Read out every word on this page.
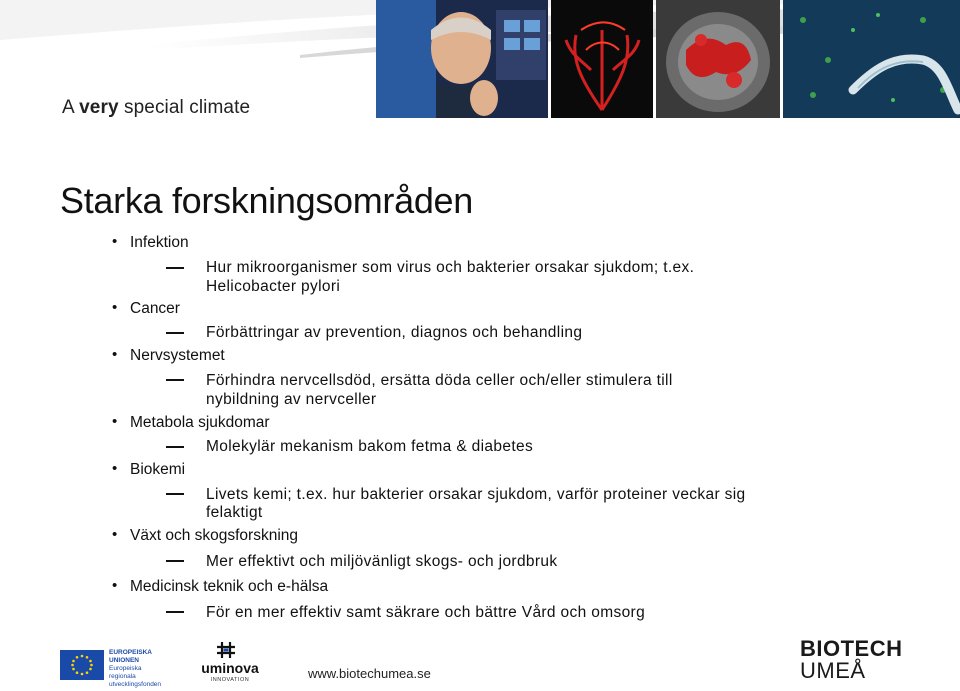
A very special climate
Starka forskningsområden
• Infektion
Hur mikroorganismer som virus och bakterier orsakar sjukdom; t.ex.
Helicobacter pylori
• Cancer
Förbättringar av prevention, diagnos och behandling
• Nervsystemet
Förhindra nervcellsdöd, ersätta döda celler och/eller stimulera till
nybildning av nervceller
• Metabola sjukdomar
Molekylär mekanism bakom fetma & diabetes
• Biokemi
Livets kemi; t.ex. hur bakterier orsakar sjukdom, varför proteiner veckar sig
felaktigt
• Växt och skogsforskning
Mer effektivt och miljövänligt skogs- och jordbruk
• Medicinsk teknik och e-hälsa
För en mer effektiv samt säkrare och bättre Vård och omsorg
EUROPEISKA
UNIONEN
Europeiska
regionala
utvecklingsfonden
uminova
INNOVATION	www.biotechumea.se
BIOTECH
UMEÅ
